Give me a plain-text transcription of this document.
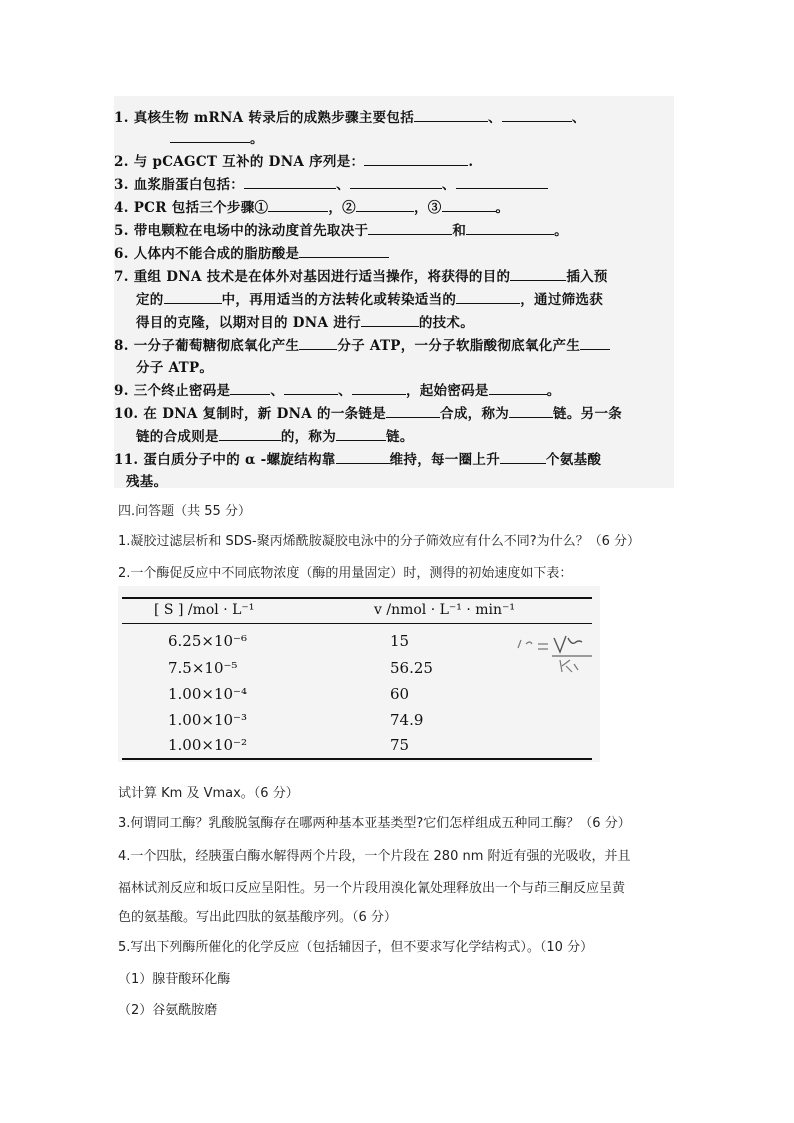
1. 真核生物 mRNA 转录后的成熟步骤主要包括	、	、
。
2. 与 pCAGCT 互补的 DNA 序列是：	.
3. 血浆脂蛋白包括：	、	、
4. PCR 包括三个步骤①	，②	，③	。
5. 带电颗粒在电场中的泳动度首先取决于	和	。
6. 人体内不能合成的脂肪酸是
7. 重组 DNA 技术是在体外对基因进行适当操作，将获得的目的	插入预
定的	中，再用适当的方法转化或转染适当的	，通过筛选获
得目的克隆，以期对目的 DNA 进行	的技术。
8. 一分子葡萄糖彻底氧化产生	分子 ATP，一分子软脂酸彻底氧化产生
分子 ATP。
9. 三个终止密码是	、	、	，起始密码是	。
10. 在 DNA 复制时，新 DNA 的一条链是	合成，称为	链。另一条
链的合成则是	的，称为	链。
11. 蛋白质分子中的 α -螺旋结构靠	维持，每一圈上升	个氨基酸
残基。
四.问答题（共 55 分）
1.凝胶过滤层析和 SDS-聚丙烯酰胺凝胶电泳中的分子筛效应有什么不同?为什么？（6 分）
2.一个酶促反应中不同底物浓度（酶的用量固定）时，测得的初始速度如下表：
[ S ] /mol · L⁻¹	v /nmol · L⁻¹ · min⁻¹
6.25×10⁻⁶	15
7.5×10⁻⁵	56.25
1.00×10⁻⁴	60
1.00×10⁻³	74.9
1.00×10⁻²	75
试计算 Km 及 Vmax。（6 分）
3.何谓同工酶？乳酸脱氢酶存在哪两种基本亚基类型?它们怎样组成五种同工酶？（6 分）
4.一个四肽，经胰蛋白酶水解得两个片段，一个片段在 280 nm 附近有强的光吸收，并且
福林试剂反应和坂口反应呈阳性。另一个片段用溴化氰处理释放出一个与茚三酮反应呈黄
色的氨基酸。写出此四肽的氨基酸序列。（6 分）
5.写出下列酶所催化的化学反应（包括辅因子，但不要求写化学结构式）。（10 分）
（1）腺苷酸环化酶
（2）谷氨酰胺磨
